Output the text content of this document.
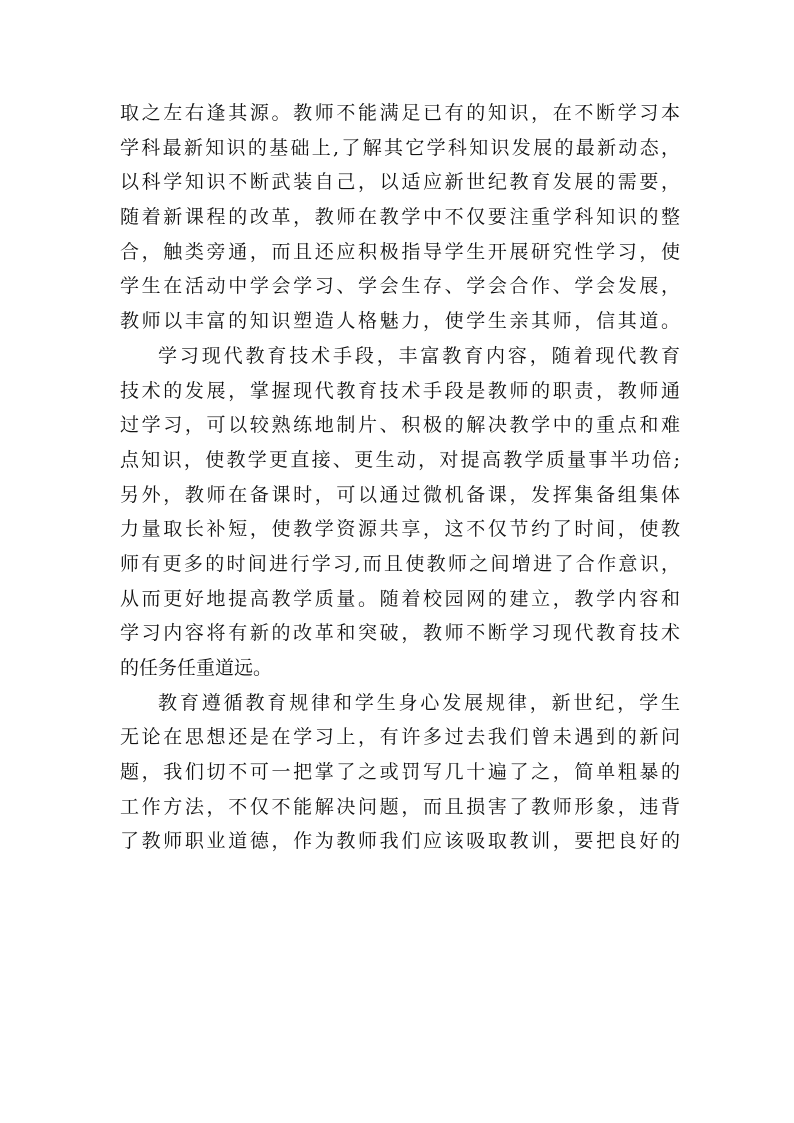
取之左右逢其源。教师不能满足已有的知识，在不断学习本
学科最新知识的基础上,了解其它学科知识发展的最新动态，
以科学知识不断武装自己，以适应新世纪教育发展的需要，
随着新课程的改革，教师在教学中不仅要注重学科知识的整
合，触类旁通，而且还应积极指导学生开展研究性学习，使
学生在活动中学会学习、学会生存、学会合作、学会发展，
教师以丰富的知识塑造人格魅力，使学生亲其师，信其道。
学习现代教育技术手段，丰富教育内容，随着现代教育
技术的发展，掌握现代教育技术手段是教师的职责，教师通
过学习，可以较熟练地制片、积极的解决教学中的重点和难
点知识，使教学更直接、更生动，对提高教学质量事半功倍;
另外，教师在备课时，可以通过微机备课，发挥集备组集体
力量取长补短，使教学资源共享，这不仅节约了时间，使教
师有更多的时间进行学习,而且使教师之间增进了合作意识，
从而更好地提高教学质量。随着校园网的建立，教学内容和
学习内容将有新的改革和突破，教师不断学习现代教育技术
的任务任重道远。
教育遵循教育规律和学生身心发展规律，新世纪，学生
无论在思想还是在学习上，有许多过去我们曾未遇到的新问
题，我们切不可一把掌了之或罚写几十遍了之，简单粗暴的
工作方法，不仅不能解决问题，而且损害了教师形象，违背
了教师职业道德，作为教师我们应该吸取教训，要把良好的
